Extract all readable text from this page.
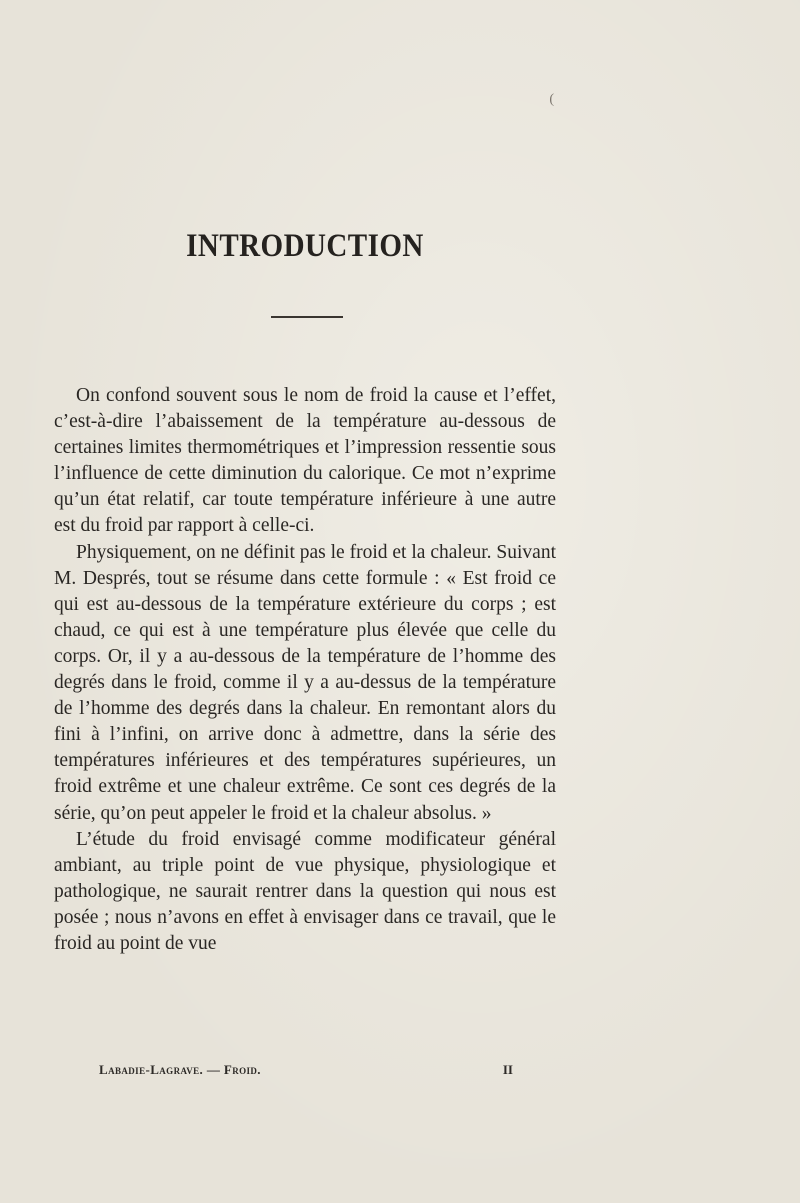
(
INTRODUCTION

On confond souvent sous le nom de froid la cause et l’effet, c’est-à-dire l’abaissement de la température au-dessous de certaines limites thermométriques et l’impression ressentie sous l’influence de cette diminution du calorique. Ce mot n’exprime qu’un état relatif, car toute température inférieure à une autre est du froid par rapport à celle-ci.

Physiquement, on ne définit pas le froid et la chaleur. Suivant M. Després, tout se résume dans cette formule : « Est froid ce qui est au-dessous de la température extérieure du corps ; est chaud, ce qui est à une température plus élevée que celle du corps. Or, il y a au-dessous de la température de l’homme des degrés dans le froid, comme il y a au-dessus de la température de l’homme des degrés dans la chaleur. En remontant alors du fini à l’infini, on arrive donc à admettre, dans la série des températures inférieures et des températures supérieures, un froid extrême et une chaleur extrême. Ce sont ces degrés de la série, qu’on peut appeler le froid et la chaleur absolus. »

L’étude du froid envisagé comme modificateur général ambiant, au triple point de vue physique, physiologique et pathologique, ne saurait rentrer dans la question qui nous est posée ; nous n’avons en effet à envisager dans ce travail, que le froid au point de vue

Labadie-Lagrave. — Froid.	II
